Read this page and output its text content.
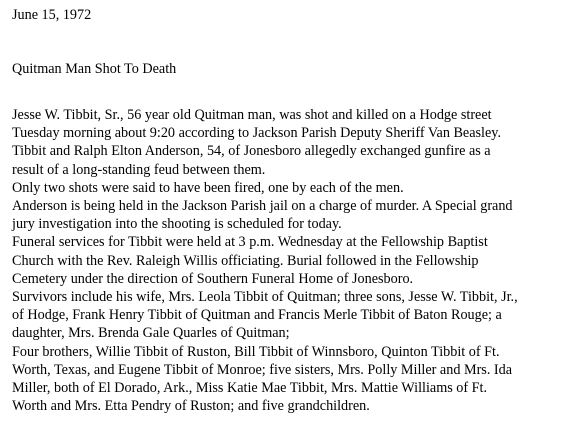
June 15, 1972
Quitman Man Shot To Death
Jesse W. Tibbit, Sr., 56 year old Quitman man, was shot and killed on a Hodge street
Tuesday morning about 9:20 according to Jackson Parish Deputy Sheriff Van Beasley.
Tibbit and Ralph Elton Anderson, 54, of Jonesboro allegedly exchanged gunfire as a
result of a long-standing feud between them.
Only two shots were said to have been fired, one by each of the men.
Anderson is being held in the Jackson Parish jail on a charge of murder. A Special grand
jury investigation into the shooting is scheduled for today.
Funeral services for Tibbit were held at 3 p.m. Wednesday at the Fellowship Baptist
Church with the Rev. Raleigh Willis officiating. Burial followed in the Fellowship
Cemetery under the direction of Southern Funeral Home of Jonesboro.
Survivors include his wife, Mrs. Leola Tibbit of Quitman; three sons, Jesse W. Tibbit, Jr.,
of Hodge, Frank Henry Tibbit of Quitman and Francis Merle Tibbit of Baton Rouge; a
daughter, Mrs. Brenda Gale Quarles of Quitman;
Four brothers, Willie Tibbit of Ruston, Bill Tibbit of Winnsboro, Quinton Tibbit of Ft.
Worth, Texas, and Eugene Tibbit of Monroe; five sisters, Mrs. Polly Miller and Mrs. Ida
Miller, both of El Dorado, Ark., Miss Katie Mae Tibbit, Mrs. Mattie Williams of Ft.
Worth and Mrs. Etta Pendry of Ruston; and five grandchildren.
